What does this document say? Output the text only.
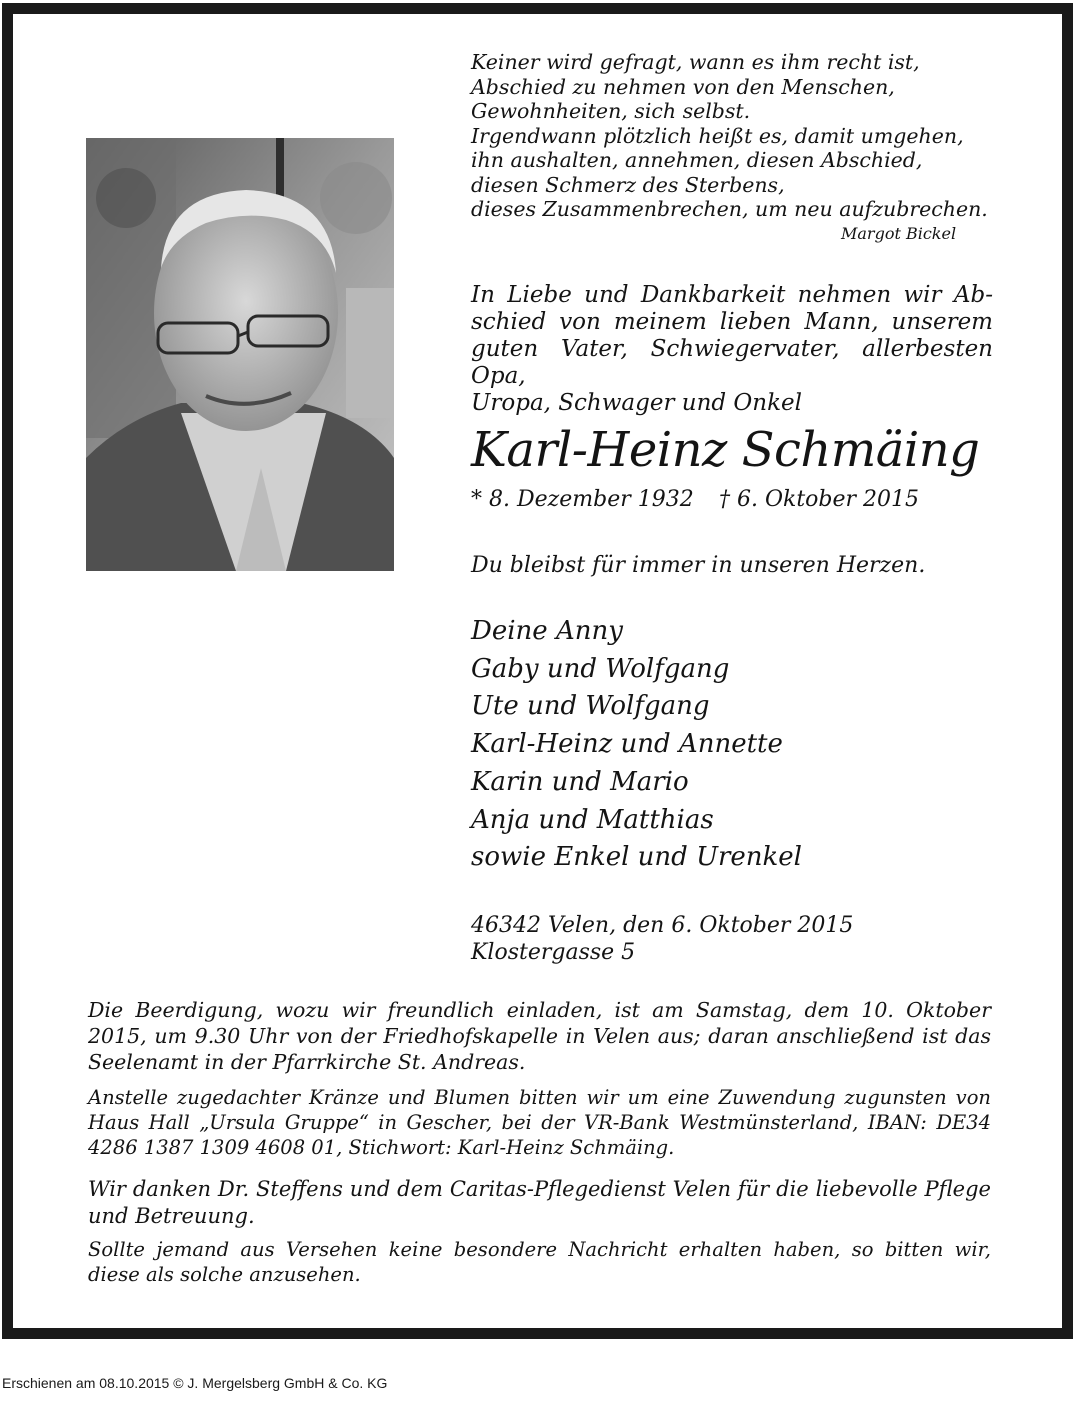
Keiner wird gefragt, wann es ihm recht ist,
Abschied zu nehmen von den Menschen,
Gewohnheiten, sich selbst.
Irgendwann plötzlich heißt es, damit umgehen,
ihn aushalten, annehmen, diesen Abschied,
diesen Schmerz des Sterbens,
dieses Zusammenbrechen, um neu aufzubrechen.
Margot Bickel
In Liebe und Dankbarkeit nehmen wir Ab-
schied von meinem lieben Mann, unserem
guten Vater, Schwiegervater, allerbesten Opa,
Uropa, Schwager und Onkel
Karl-Heinz Schmäing
* 8. Dezember 1932 † 6. Oktober 2015
Du bleibst für immer in unseren Herzen.
Deine Anny
Gaby und Wolfgang
Ute und Wolfgang
Karl-Heinz und Annette
Karin und Mario
Anja und Matthias
sowie Enkel und Urenkel
46342 Velen, den 6. Oktober 2015
Klostergasse 5
Die Beerdigung, wozu wir freundlich einladen, ist am Samstag, dem 10. Oktober 2015, um 9.30 Uhr von der Friedhofskapelle in Velen aus; daran anschließend ist das Seelenamt in der Pfarrkirche St. Andreas.
Anstelle zugedachter Kränze und Blumen bitten wir um eine Zuwendung zugunsten von Haus Hall „Ursula Gruppe“ in Gescher, bei der VR-Bank Westmünsterland, IBAN: DE34 4286 1387 1309 4608 01, Stichwort: Karl-Heinz Schmäing.
Wir danken Dr. Steffens und dem Caritas-Pflegedienst Velen für die liebevolle Pflege und Betreuung.
Sollte jemand aus Versehen keine besondere Nachricht erhalten haben, so bitten wir, diese als solche anzusehen.
Erschienen am 08.10.2015 © J. Mergelsberg GmbH & Co. KG
